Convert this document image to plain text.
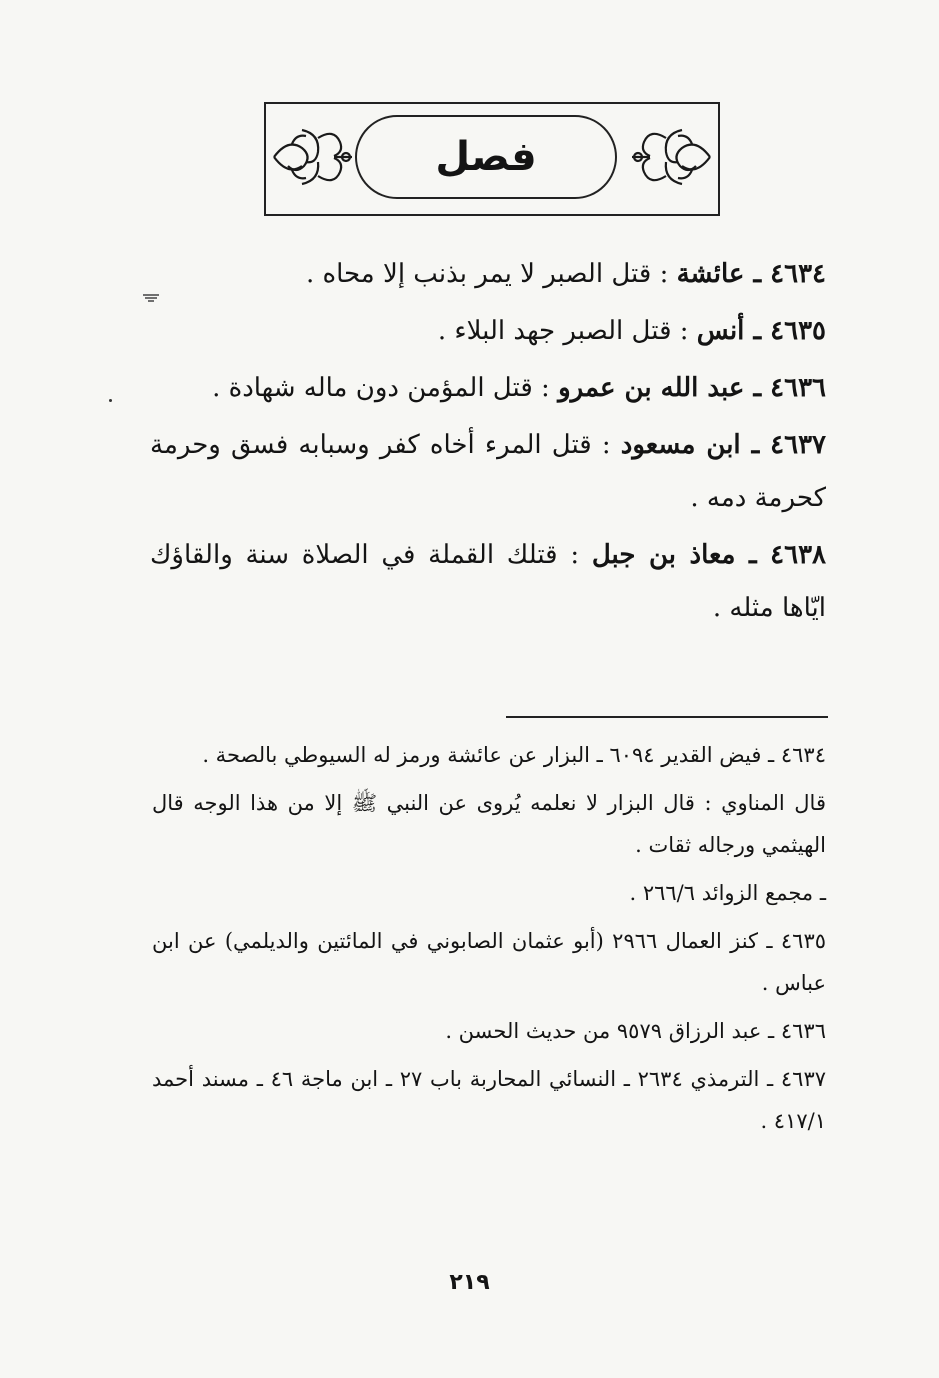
فصل
٤٦٣٤ ـ عائشة : قتل الصبر لا يمر بذنب إلا محاه .
٤٦٣٥ ـ أنس : قتل الصبر جهد البلاء .
٤٦٣٦ ـ عبد الله بن عمرو : قتل المؤمن دون ماله شهادة .
٤٦٣٧ ـ ابن مسعود : قتل المرء أخاه كفر وسبابه فسق وحرمة كحرمة دمه .
٤٦٣٨ ـ معاذ بن جبل : قتلك القملة في الصلاة سنة والقاؤك ايّاها مثله .
٤٦٣٤ ـ فيض القدير ٦٠٩٤ ـ البزار عن عائشة ورمز له السيوطي بالصحة .
قال المناوي : قال البزار لا نعلمه يُروى عن النبي ﷺ إلا من هذا الوجه قال الهيثمي ورجاله ثقات .
ـ مجمع الزوائد ٢٦٦/٦ .
٤٦٣٥ ـ كنز العمال ٢٩٦٦ (أبو عثمان الصابوني في المائتين والديلمي) عن ابن عباس .
٤٦٣٦ ـ عبد الرزاق ٩٥٧٩ من حديث الحسن .
٤٦٣٧ ـ الترمذي ٢٦٣٤ ـ النسائي المحاربة باب ٢٧ ـ ابن ماجة ٤٦ ـ مسند أحمد ٤١٧/١ .
٢١٩
